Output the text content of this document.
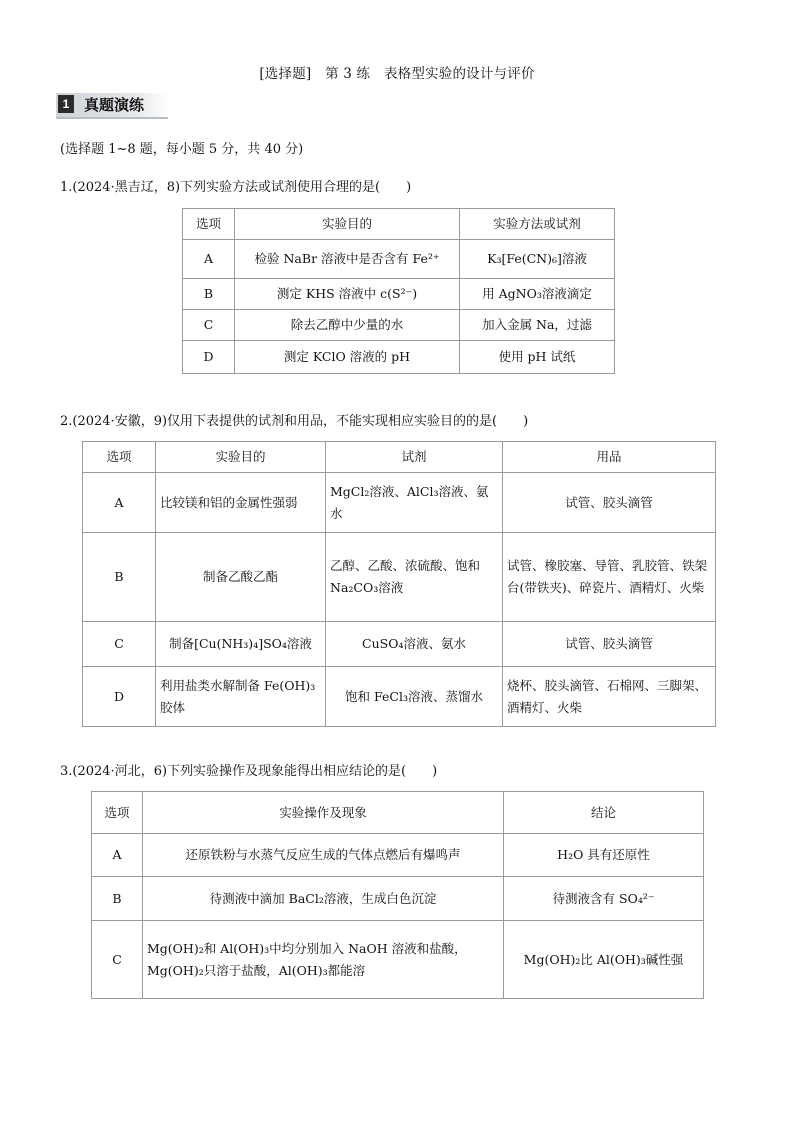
[选择题]　第 3 练　表格型实验的设计与评价
1 真题演练
(选择题 1~8 题，每小题 5 分，共 40 分)
1.(2024·黑吉辽，8)下列实验方法或试剂使用合理的是(　　)
选项	实验目的	实验方法或试剂
A	检验 NaBr 溶液中是否含有 Fe²⁺	K₃[Fe(CN)₆]溶液
B	测定 KHS 溶液中 c(S²⁻)	用 AgNO₃溶液滴定
C	除去乙醇中少量的水	加入金属 Na，过滤
D	测定 KClO 溶液的 pH	使用 pH 试纸
2.(2024·安徽，9)仅用下表提供的试剂和用品，不能实现相应实验目的的是(　　)
选项	实验目的	试剂	用品
A	比较镁和铝的金属性强弱	MgCl₂溶液、AlCl₃溶液、氨水	试管、胶头滴管
B	制备乙酸乙酯	乙醇、乙酸、浓硫酸、饱和 Na₂CO₃溶液	试管、橡胶塞、导管、乳胶管、铁架台(带铁夹)、碎瓷片、酒精灯、火柴
C	制备[Cu(NH₃)₄]SO₄溶液	CuSO₄溶液、氨水	试管、胶头滴管
D	利用盐类水解制备 Fe(OH)₃胶体	饱和 FeCl₃溶液、蒸馏水	烧杯、胶头滴管、石棉网、三脚架、酒精灯、火柴
3.(2024·河北，6)下列实验操作及现象能得出相应结论的是(　　)
选项	实验操作及现象	结论
A	还原铁粉与水蒸气反应生成的气体点燃后有爆鸣声	H₂O 具有还原性
B	待测液中滴加 BaCl₂溶液，生成白色沉淀	待测液含有 SO₄²⁻
C	Mg(OH)₂和 Al(OH)₃中均分别加入 NaOH 溶液和盐酸，Mg(OH)₂只溶于盐酸，Al(OH)₃都能溶	Mg(OH)₂比 Al(OH)₃碱性强
